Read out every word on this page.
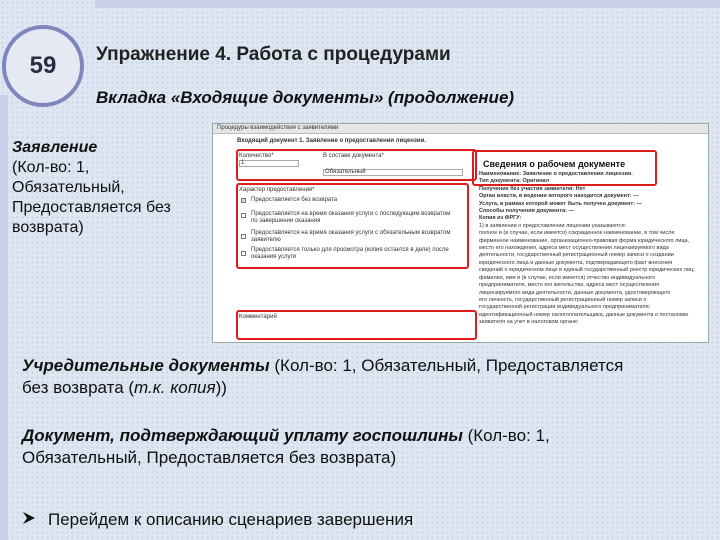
59 Упражнение 4. Работа с процедурами
Вкладка «Входящие документы» (продолжение)
Заявление
(Кол-во: 1,
Обязательный,
Предоставляется без
возврата)
Процедуры взаимодействия с заявителями
Входящий документ 1. Заявление о предоставлении лицензии.
Количество*
1
В составе документа*
Обязательный
Характер предоставления*
Предоставляется без возврата
Предоставляется на время оказания услуги с последующим возвратом по завершении оказания
Предоставляется на время оказания услуги с обязательным возвратом заявителю
Предоставляется только для просмотра (копия остается в деле) после оказания услуги
Комментарий
Сведения о рабочем документе
Наименование: Заявление о предоставлении лицензии.
Тип документа: Оригинал
Получение без участия заявителя: Нет
Орган власти, в ведении которого находится документ: —
Услуга, в рамках которой может быть получен документ: —
Способы получения документа: —
Копия из ФРГУ:
1) в заявлении о предоставлении лицензии указываются:
полное и (в случае, если имеется) сокращенное наименование, в том числе
фирменное наименование, организационно-правовая форма юридического лица,
место его нахождения, адреса мест осуществления лицензируемого вида
деятельности, государственный регистрационный номер записи о создании
юридического лица и данные документа, подтверждающего факт внесения
сведений о юридическом лице в единый государственный реестр юридических лиц;
фамилия, имя и (в случае, если имеется) отчество индивидуального
предпринимателя, место его жительства, адреса мест осуществления
лицензируемого вида деятельности, данные документа, удостоверяющего
его личность, государственный регистрационный номер записи о
государственной регистрации индивидуального предпринимателя;
идентификационный номер налогоплательщика, данные документа о постановке
заявителя на учет в налоговом органе;
Учредительные документы (Кол-во: 1, Обязательный, Предоставляется
без возврата (т.к. копия))
Документ, подтверждающий уплату госпошлины (Кол-во: 1,
Обязательный, Предоставляется без возврата)
Перейдем к описанию сценариев завершения
